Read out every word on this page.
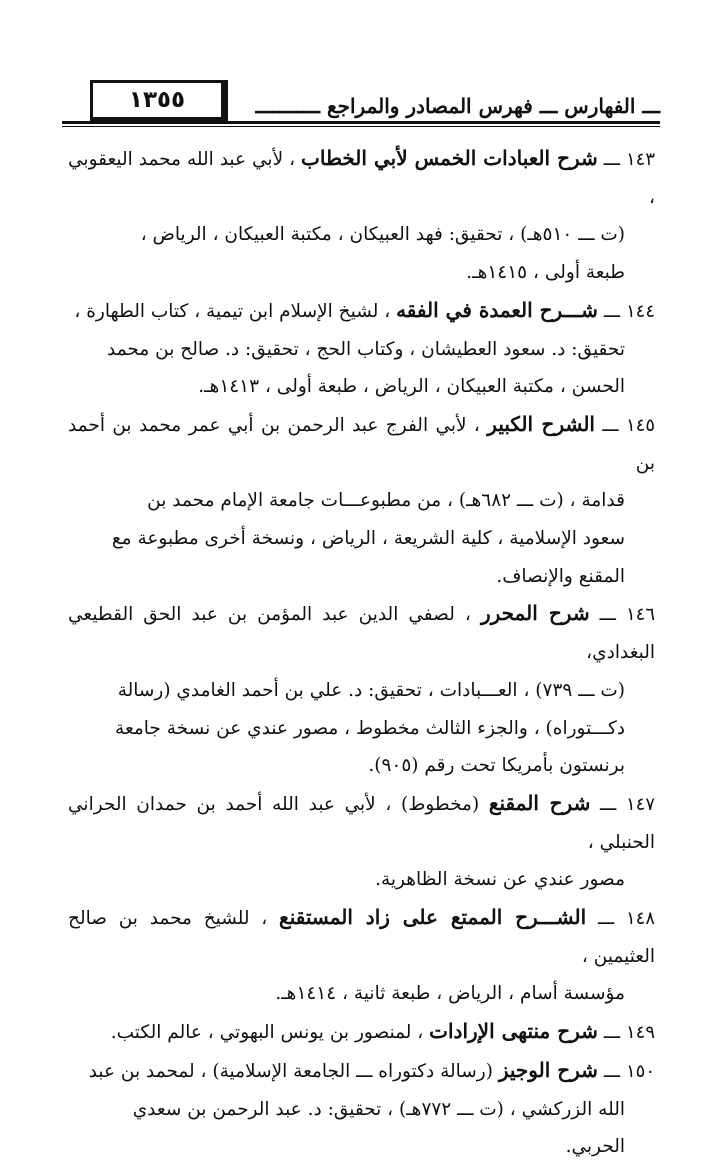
١٣٥٥	ـــ الفهارس ـــ فهرس المصادر والمراجع ـــــــــــ
١٤٣ ـــ شرح العبادات الخمس لأبي الخطاب ، لأبي عبد الله محمد اليعقوبي ،
(ت ـــ ٥١٠هـ) ، تحقيق: فهد العبيكان ، مكتبة العبيكان ، الرياض ،
طبعة أولى ، ١٤١٥هـ.
١٤٤ ـــ شـــرح العمدة في الفقه ، لشيخ الإسلام ابن تيمية ، كتاب الطهارة ،
تحقيق: د. سعود العطيشان ، وكتاب الحج ، تحقيق: د. صالح بن محمد
الحسن ، مكتبة العبيكان ، الرياض ، طبعة أولى ، ١٤١٣هـ.
١٤٥ ـــ الشرح الكبير ، لأبي الفرج عبد الرحمن بن أبي عمر محمد بن أحمد بن
قدامة ، (ت ـــ ٦٨٢هـ) ، من مطبوعـــات جامعة الإمام محمد بن
سعود الإسلامية ، كلية الشريعة ، الرياض ، ونسخة أخرى مطبوعة مع
المقنع والإنصاف.
١٤٦ ـــ شرح المحرر ، لصفي الدين عبد المؤمن بن عبد الحق القطيعي البغدادي،
(ت ـــ ٧٣٩) ، العـــبادات ، تحقيق: د. علي بن أحمد الغامدي (رسالة
دكـــتوراه) ، والجزء الثالث مخطوط ، مصور عندي عن نسخة جامعة
برنستون بأمريكا تحت رقم (٩٠٥).
١٤٧ ـــ شرح المقنع (مخطوط) ، لأبي عبد الله أحمد بن حمدان الحراني الحنبلي ،
مصور عندي عن نسخة الظاهرية.
١٤٨ ـــ الشـــرح الممتع على زاد المستقنع ، للشيخ محمد بن صالح العثيمين ،
مؤسسة أسام ، الرياض ، طبعة ثانية ، ١٤١٤هـ.
١٤٩ ـــ شرح منتهى الإرادات ، لمنصور بن يونس البهوتي ، عالم الكتب.
١٥٠ ـــ شرح الوجيز (رسالة دكتوراه ـــ الجامعة الإسلامية) ، لمحمد بن عبد
الله الزركشي ، (ت ـــ ٧٧٢هـ) ، تحقيق: د. عبد الرحمن بن سعدي
الحربي.
